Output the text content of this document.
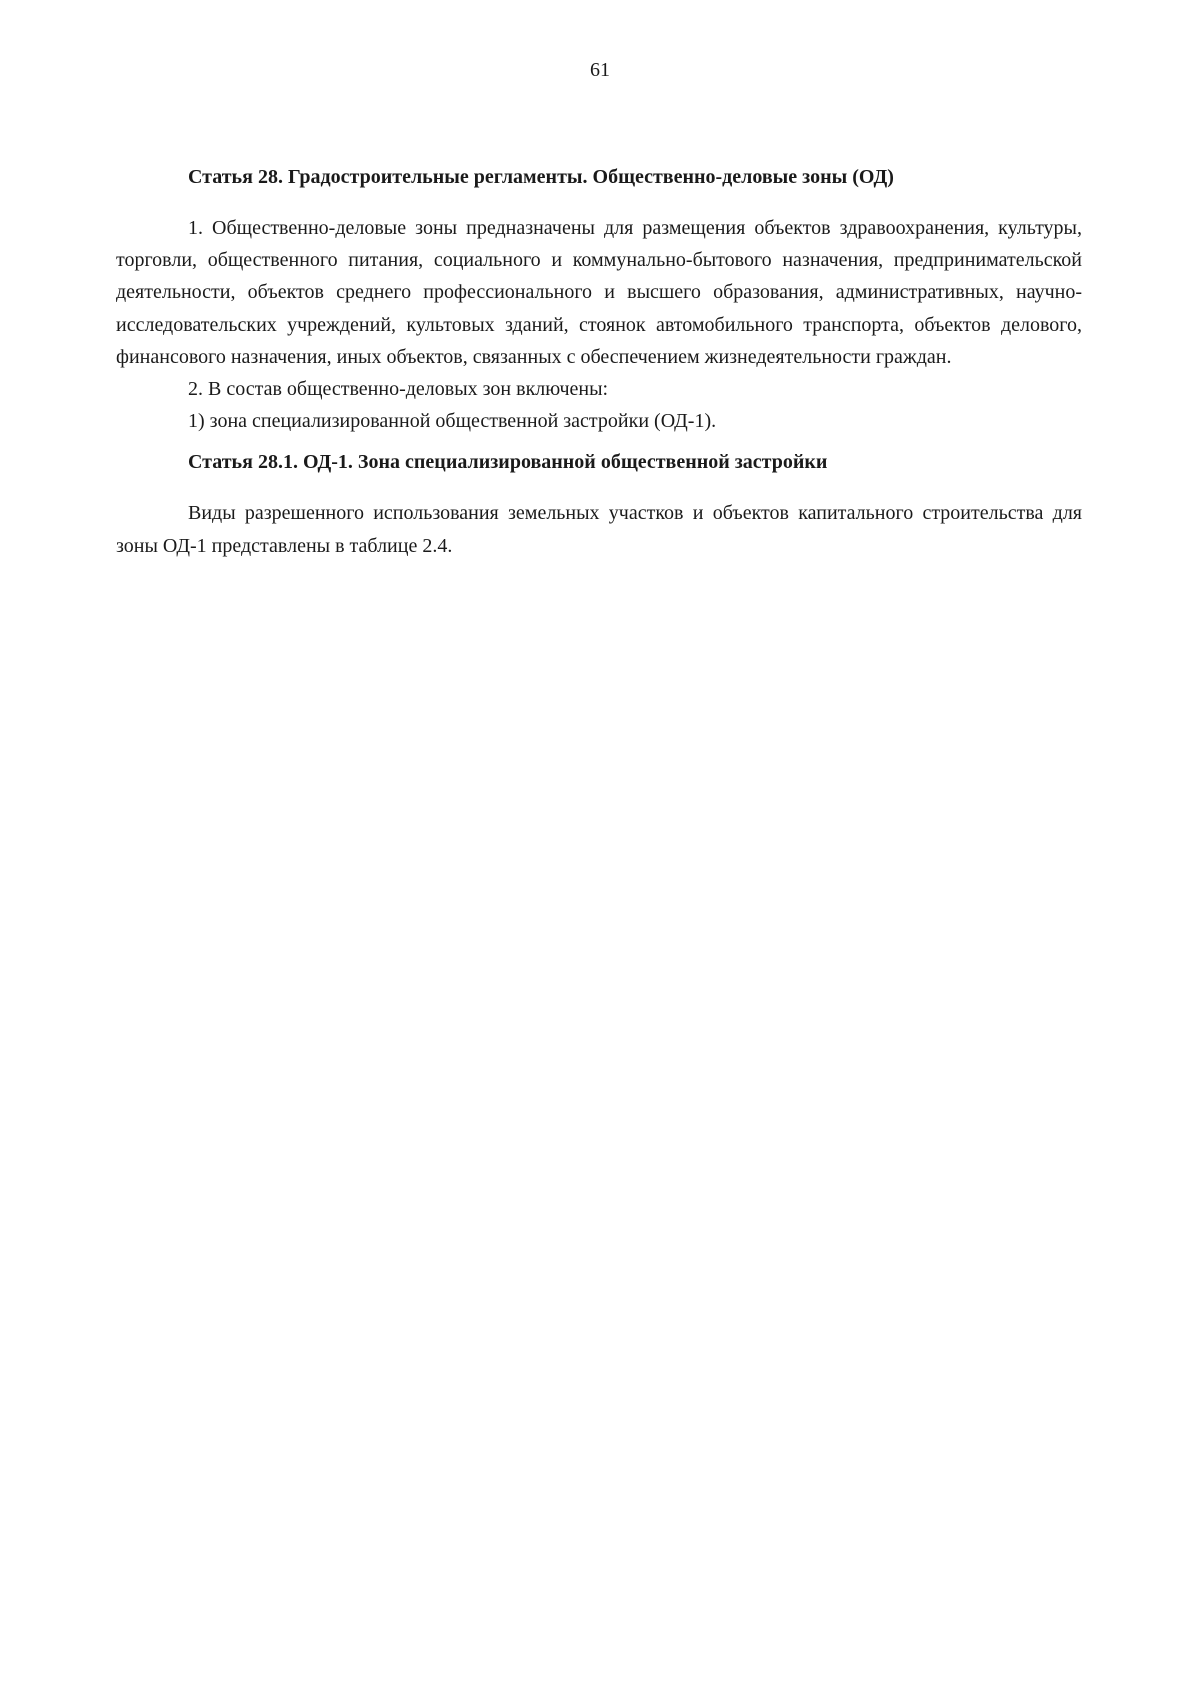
61

Статья 28. Градостроительные регламенты. Общественно-деловые зоны (ОД)

1. Общественно-деловые зоны предназначены для размещения объектов здравоохранения, культуры, торговли, общественного питания, социального и коммунально-бытового назначения, предпринимательской деятельности, объектов среднего профессионального и высшего образования, административных, научно-исследовательских учреждений, культовых зданий, стоянок автомобильного транспорта, объектов делового, финансового назначения, иных объектов, связанных с обеспечением жизнедеятельности граждан.

2. В состав общественно-деловых зон включены:

1) зона специализированной общественной застройки (ОД-1).

Статья 28.1. ОД-1. Зона специализированной общественной застройки

Виды разрешенного использования земельных участков и объектов капитального строительства для зоны ОД-1 представлены в таблице 2.4.
